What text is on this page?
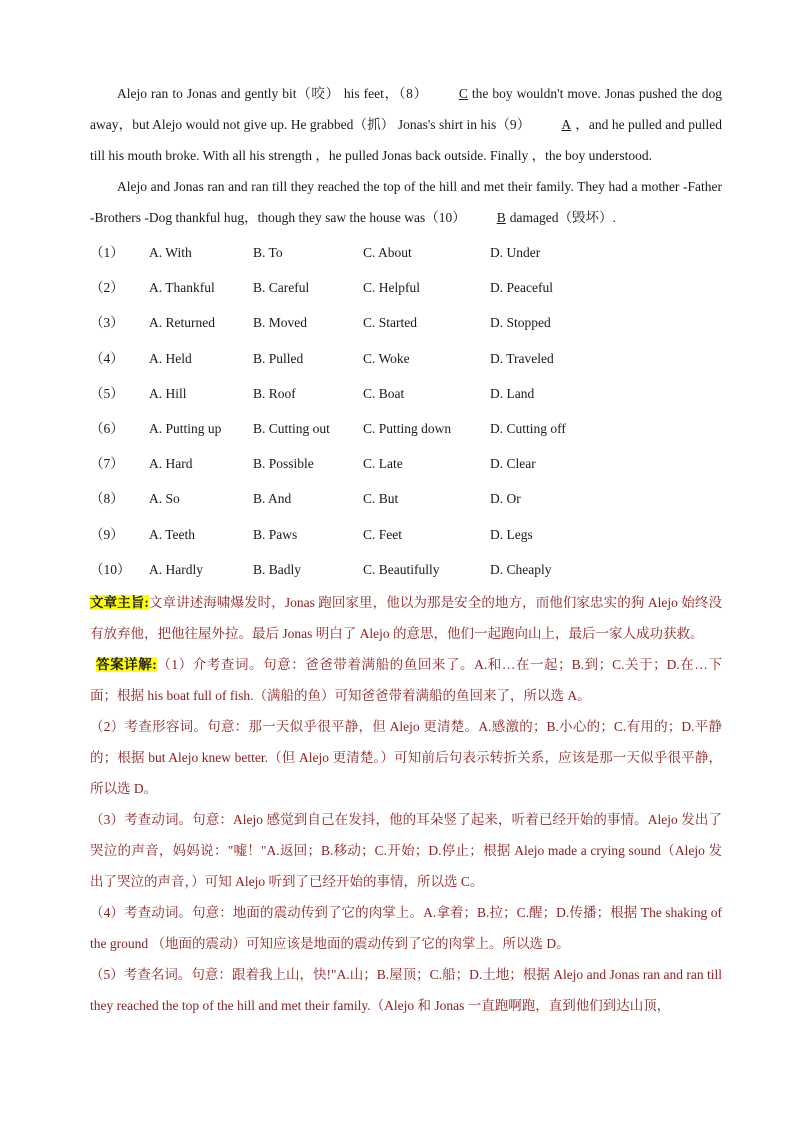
Alejo ran to Jonas and gently bit（咬） his feet，（8） C the boy wouldn't move. Jonas pushed the dog away，but Alejo would not give up. He grabbed（抓） Jonas's shirt in his（9） A ，and he pulled and pulled till his mouth broke. With all his strength ，he pulled Jonas back outside. Finally ，the boy understood.

Alejo and Jonas ran and ran till they reached the top of the hill and met their family. They had a mother -Father -Brothers -Dog thankful hug，though they saw the house was（10） B damaged（毁坏）.

（1） A. With	B. To	C. About	D. Under
（2） A. Thankful	B. Careful	C. Helpful	D. Peaceful
（3） A. Returned	B. Moved	C. Started	D. Stopped
（4） A. Held	B. Pulled	C. Woke	D. Traveled
（5） A. Hill	B. Roof	C. Boat	D. Land
（6） A. Putting up B. Cutting out C. Putting down	D. Cutting off
（7） A. Hard	B. Possible	C. Late	D. Clear
（8） A. So	B. And	C. But	D. Or
（9） A. Teeth	B. Paws	C. Feet	D. Legs
（10） A. Hardly	B. Badly	C. Beautifully	D. Cheaply

文章主旨:文章讲述海啸爆发时，Jonas 跑回家里，他以为那是安全的地方，而他们家忠实的狗 Alejo 始终没有放弃他，把他往屋外拉。最后 Jonas 明白了 Alejo 的意思，他们一起跑向山上，最后一家人成功获救。

答案详解:（1）介考查词。句意：爸爸带着满船的鱼回来了。A.和…在一起；B.到；C.关于；D.在…下面；根据 his boat full of fish.（满船的鱼）可知爸爸带着满船的鱼回来了，所以选 A。

（2）考查形容词。句意：那一天似乎很平静，但 Alejo 更清楚。A.感激的；B.小心的；C.有用的；D.平静的；根据 but Alejo knew better.（但 Alejo 更清楚。）可知前后句表示转折关系，应该是那一天似乎很平静，所以选 D。

（3）考查动词。句意：Alejo 感觉到自己在发抖，他的耳朵竖了起来，听着已经开始的事情。Alejo 发出了哭泣的声音，妈妈说："嘘！"A.返回；B.移动；C.开始；D.停止；根据 Alejo made a crying sound（Alejo 发出了哭泣的声音，）可知 Alejo 听到了已经开始的事情，所以选 C。

（4）考查动词。句意：地面的震动传到了它的肉掌上。A.拿着；B.拉；C.醒；D.传播；根据 The shaking of the ground （地面的震动）可知应该是地面的震动传到了它的肉掌上。所以选 D。

（5）考查名词。句意：跟着我上山，快!"A.山；B.屋顶；C.船；D.土地；根据 Alejo and Jonas ran and ran till they reached the top of the hill and met their family.（Alejo 和 Jonas 一直跑啊跑，直到他们到达山顶，
